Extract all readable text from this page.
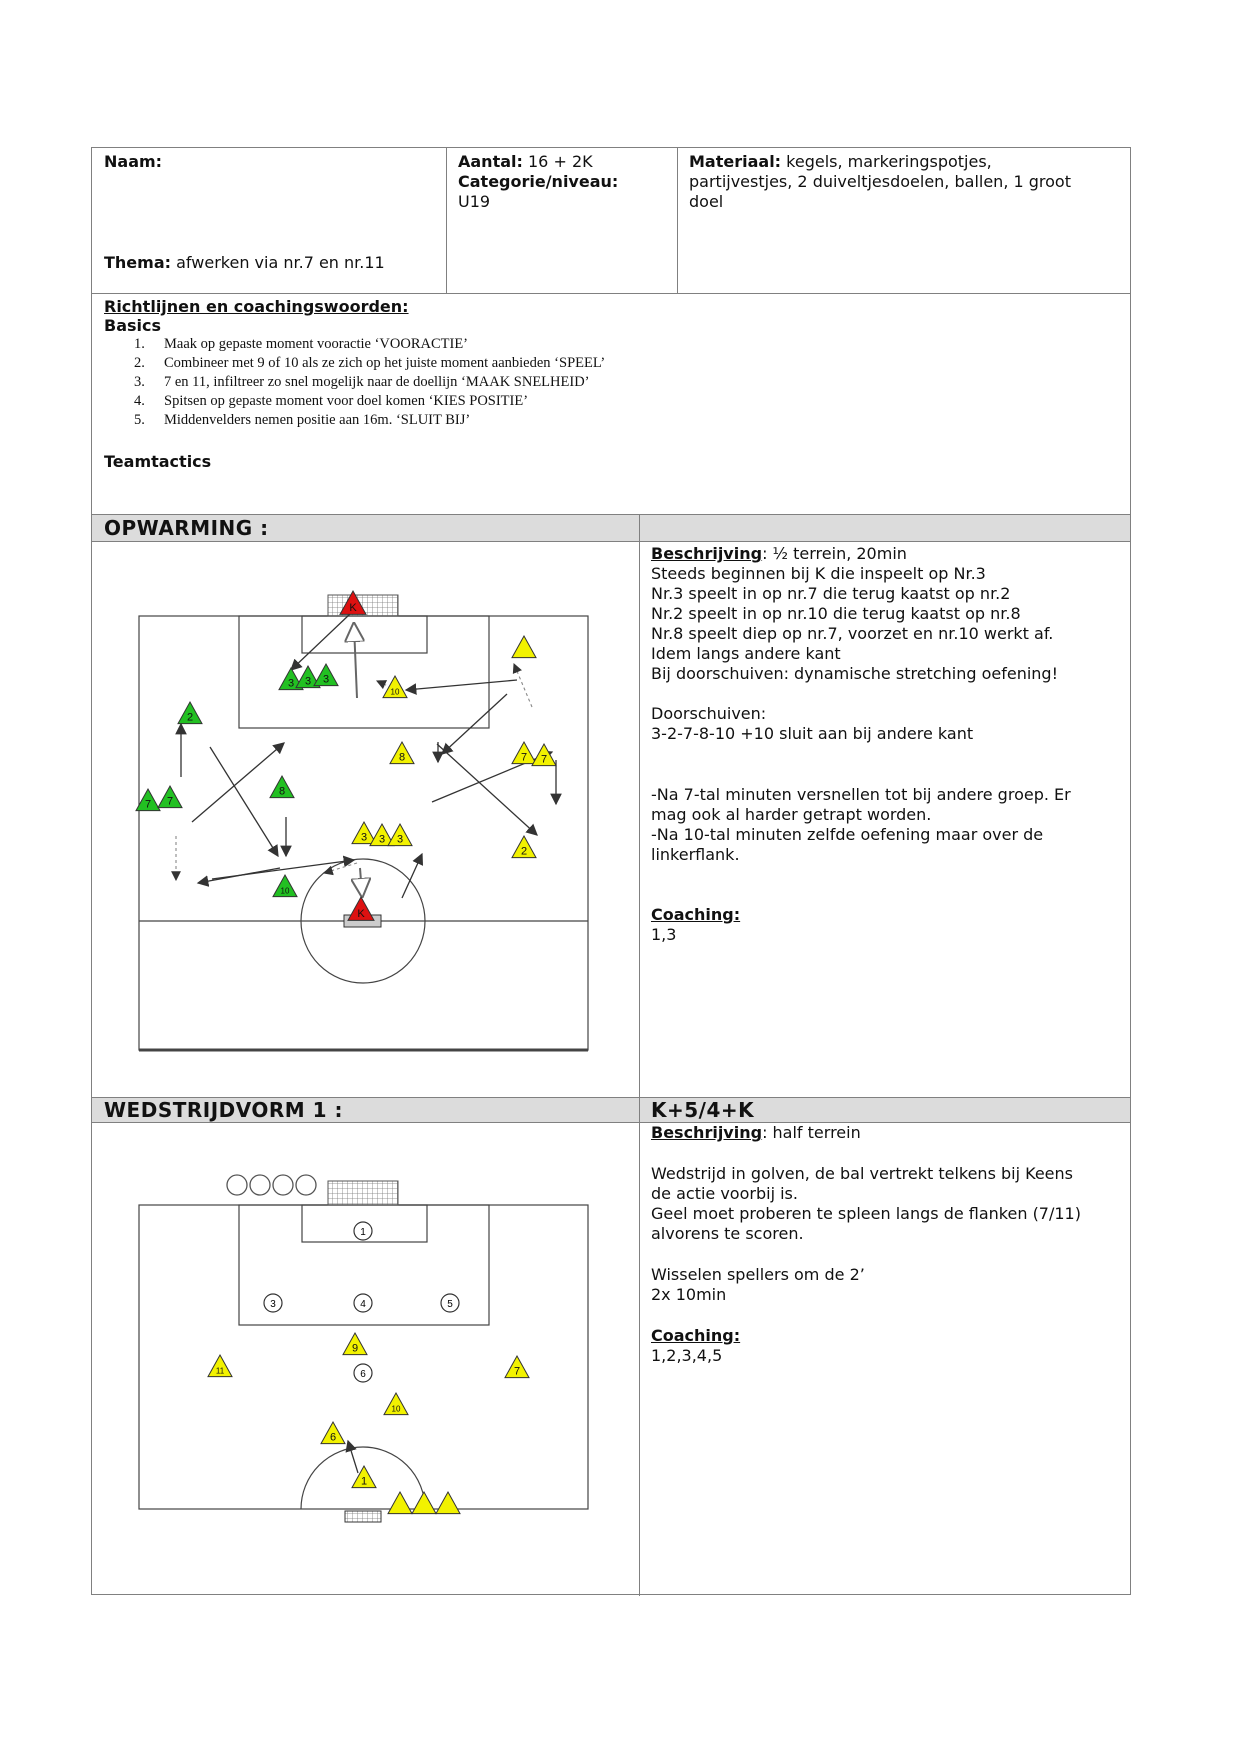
Naam:
Thema: afwerken via nr.7 en nr.11
Aantal: 16 + 2K
Categorie/niveau:
U19
Materiaal: kegels, markeringspotjes,
partijvestjes, 2 duiveltjesdoelen, ballen, 1 groot
doel
Richtlijnen en coachingswoorden:
Basics
1. Maak op gepaste moment vooractie ‘VOORACTIE’
2. Combineer met 9 of 10 als ze zich op het juiste moment aanbieden ‘SPEEL’
3. 7 en 11, infiltreer zo snel mogelijk naar de doellijn ‘MAAK SNELHEID’
4. Spitsen op gepaste moment voor doel komen ‘KIES POSITIE’
5. Middenvelders nemen positie aan 16m. ‘SLUIT BIJ’
Teamtactics
OPWARMING :

Beschrijving: ½ terrein, 20min

Steeds beginnen bij K die inspeelt op Nr.3

Nr.3 speelt in op nr.7 die terug kaatst op nr.2

Nr.2 speelt in op nr.10 die terug kaatst op nr.8

Nr.8 speelt diep op nr.7, voorzet en nr.10 werkt af.

Idem langs andere kant

Bij doorschuiven: dynamische stretching oefening!

Doorschuiven:

3-2-7-8-10 +10 sluit aan bij andere kant

-Na 7-tal minuten versnellen tot bij andere groep. Er

mag ook al harder getrapt worden.

-Na 10-tal minuten zelfde oefening maar over de

linkerflank.

Coaching:

1,3

2
3 3 3
7 7
8
10
10
8	7 7
3 3 3
2
K
K
WEDSTRIJDVORM 1 :	K+5/4+K

Beschrijving: half terrein

Wedstrijd in golven, de bal vertrekt telkens bij Keens

de actie voorbij is.

Geel moet proberen te spleen langs de flanken (7/11)

alvorens te scoren.

Wisselen spellers om de 2’

2x 10min

Coaching:

1,2,3,4,5

1
3	4	5
6
9
11	7
10
6
1
